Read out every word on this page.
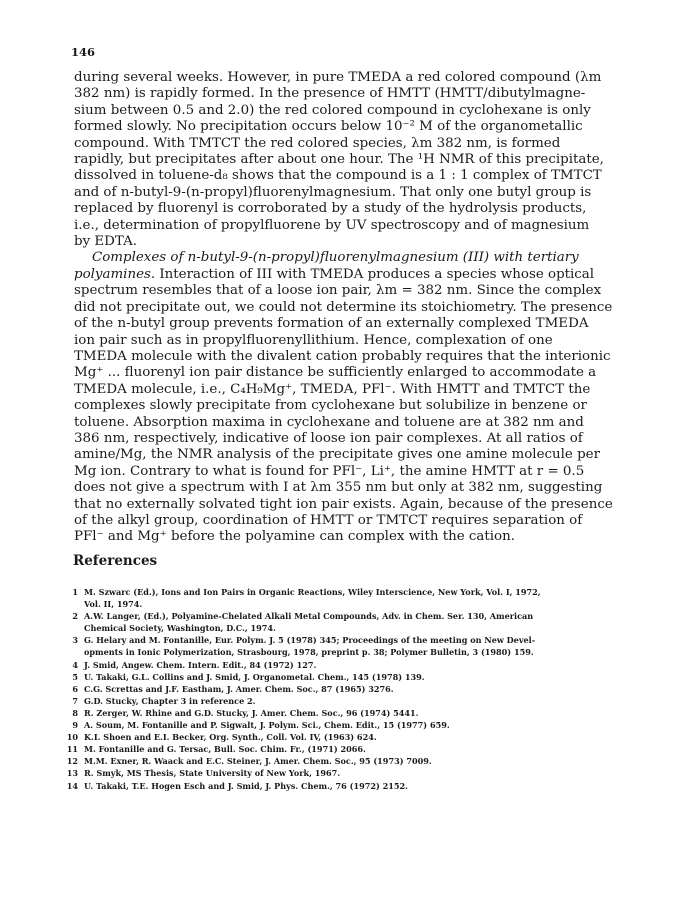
146
during several weeks. However, in pure TMEDA a red colored compound (λm
382 nm) is rapidly formed. In the presence of HMTT (HMTT/dibutylmagne-
sium between 0.5 and 2.0) the red colored compound in cyclohexane is only
formed slowly. No precipitation occurs below 10⁻² M of the organometallic
compound. With TMTCT the red colored species, λm 382 nm, is formed
rapidly, but precipitates after about one hour. The ¹H NMR of this precipitate,
dissolved in toluene-d₈ shows that the compound is a 1 : 1 complex of TMTCT
and of n-butyl-9-(n-propyl)fluorenylmagnesium. That only one butyl group is
replaced by fluorenyl is corroborated by a study of the hydrolysis products,
i.e., determination of propylfluorene by UV spectroscopy and of magnesium
by EDTA.
Complexes of n-butyl-9-(n-propyl)fluorenylmagnesium (III) with tertiary
polyamines. Interaction of III with TMEDA produces a species whose optical
spectrum resembles that of a loose ion pair, λm = 382 nm. Since the complex
did not precipitate out, we could not determine its stoichiometry. The presence
of the n-butyl group prevents formation of an externally complexed TMEDA
ion pair such as in propylfluorenyllithium. Hence, complexation of one
TMEDA molecule with the divalent cation probably requires that the interionic
Mg⁺ ... fluorenyl ion pair distance be sufficiently enlarged to accommodate a
TMEDA molecule, i.e., C₄H₉Mg⁺, TMEDA, PFl⁻. With HMTT and TMTCT the
complexes slowly precipitate from cyclohexane but solubilize in benzene or
toluene. Absorption maxima in cyclohexane and toluene are at 382 nm and
386 nm, respectively, indicative of loose ion pair complexes. At all ratios of
amine/Mg, the NMR analysis of the precipitate gives one amine molecule per
Mg ion. Contrary to what is found for PFl⁻, Li⁺, the amine HMTT at r = 0.5
does not give a spectrum with I at λm 355 nm but only at 382 nm, suggesting
that no externally solvated tight ion pair exists. Again, because of the presence
of the alkyl group, coordination of HMTT or TMTCT requires separation of
PFl⁻ and Mg⁺ before the polyamine can complex with the cation.
References
1 M. Szwarc (Ed.), Ions and Ion Pairs in Organic Reactions, Wiley Interscience, New York, Vol. I, 1972,
Vol. II, 1974.
2 A.W. Langer, (Ed.), Polyamine-Chelated Alkali Metal Compounds, Adv. in Chem. Ser. 130, American
Chemical Society, Washington, D.C., 1974.
3 G. Helary and M. Fontanille, Eur. Polym. J. 5 (1978) 345; Proceedings of the meeting on New Devel-
opments in Ionic Polymerization, Strasbourg, 1978, preprint p. 38; Polymer Bulletin, 3 (1980) 159.
4 J. Smid, Angew. Chem. Intern. Edit., 84 (1972) 127.
5 U. Takaki, G.L. Collins and J. Smid, J. Organometal. Chem., 145 (1978) 139.
6 C.G. Screttas and J.F. Eastham, J. Amer. Chem. Soc., 87 (1965) 3276.
7 G.D. Stucky, Chapter 3 in reference 2.
8 R. Zerger, W. Rhine and G.D. Stucky, J. Amer. Chem. Soc., 96 (1974) 5441.
9 A. Soum, M. Fontanille and P. Sigwalt, J. Polym. Sci., Chem. Edit., 15 (1977) 659.
10 K.I. Shoen and E.I. Becker, Org. Synth., Coll. Vol. IV, (1963) 624.
11 M. Fontanille and G. Tersac, Bull. Soc. Chim. Fr., (1971) 2066.
12 M.M. Exner, R. Waack and E.C. Steiner, J. Amer. Chem. Soc., 95 (1973) 7009.
13 R. Smyk, MS Thesis, State University of New York, 1967.
14 U. Takaki, T.E. Hogen Esch and J. Smid, J. Phys. Chem., 76 (1972) 2152.
